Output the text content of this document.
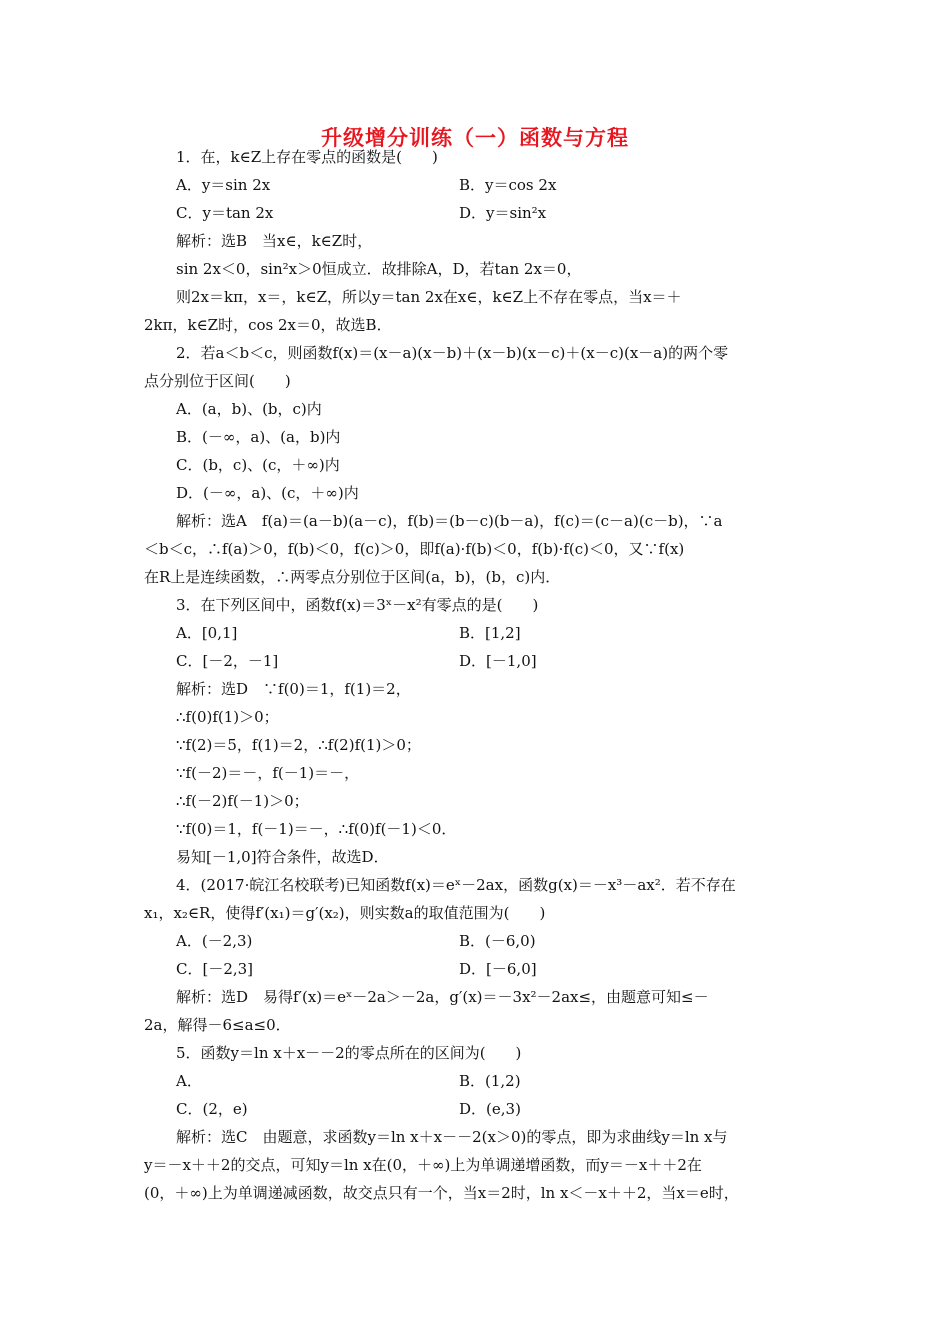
升级增分训练（一）函数与方程
1．在，k∈Z上存在零点的函数是(　　)
A．y＝sin 2x	B．y＝cos 2x
C．y＝tan 2x	D．y＝sin²x
解析：选B　当x∈，k∈Z时，
sin 2x＜0，sin²x＞0恒成立．故排除A，D，若tan 2x＝0，
则2x＝kπ，x＝，k∈Z，所以y＝tan 2x在x∈，k∈Z上不存在零点，当x＝＋
2kπ，k∈Z时，cos 2x＝0，故选B．
2．若a＜b＜c，则函数f(x)＝(x－a)(x－b)＋(x－b)(x－c)＋(x－c)(x－a)的两个零
点分别位于区间(　　)
A．(a，b)、(b，c)内
B．(－∞，a)、(a，b)内
C．(b，c)、(c，＋∞)内
D．(－∞，a)、(c，＋∞)内
解析：选A　f(a)＝(a－b)(a－c)，f(b)＝(b－c)(b－a)，f(c)＝(c－a)(c－b)，∵a
＜b＜c，∴f(a)＞0，f(b)＜0，f(c)＞0，即f(a)·f(b)＜0，f(b)·f(c)＜0，又∵f(x)
在R上是连续函数，∴两零点分别位于区间(a，b)，(b，c)内．
3．在下列区间中，函数f(x)＝3ˣ－x²有零点的是(　　)
A．[0,1]	B．[1,2]
C．[－2，－1]	D．[－1,0]
解析：选D　∵f(0)＝1，f(1)＝2，
∴f(0)f(1)＞0；
∵f(2)＝5，f(1)＝2，∴f(2)f(1)＞0；
∵f(－2)＝－，f(－1)＝－，
∴f(－2)f(－1)＞0；
∵f(0)＝1，f(－1)＝－，∴f(0)f(－1)＜0．
易知[－1,0]符合条件，故选D．
4．(2017·皖江名校联考)已知函数f(x)＝eˣ－2ax，函数g(x)＝－x³－ax²．若不存在
x₁，x₂∈R，使得f′(x₁)＝g′(x₂)，则实数a的取值范围为(　　)
A．(－2,3)	B．(－6,0)
C．[－2,3]	D．[－6,0]
解析：选D　易得f′(x)＝eˣ－2a＞－2a，g′(x)＝－3x²－2ax≤，由题意可知≤－
2a，解得－6≤a≤0．
5．函数y＝ln x＋x－－2的零点所在的区间为(　　)
A．	B．(1,2)
C．(2，e)	D．(e,3)
解析：选C　由题意，求函数y＝ln x＋x－－2(x＞0)的零点，即为求曲线y＝ln x与
y＝－x＋＋2的交点，可知y＝ln x在(0，＋∞)上为单调递增函数，而y＝－x＋＋2在
(0，＋∞)上为单调递减函数，故交点只有一个，当x＝2时，ln x＜－x＋＋2，当x＝e时，
